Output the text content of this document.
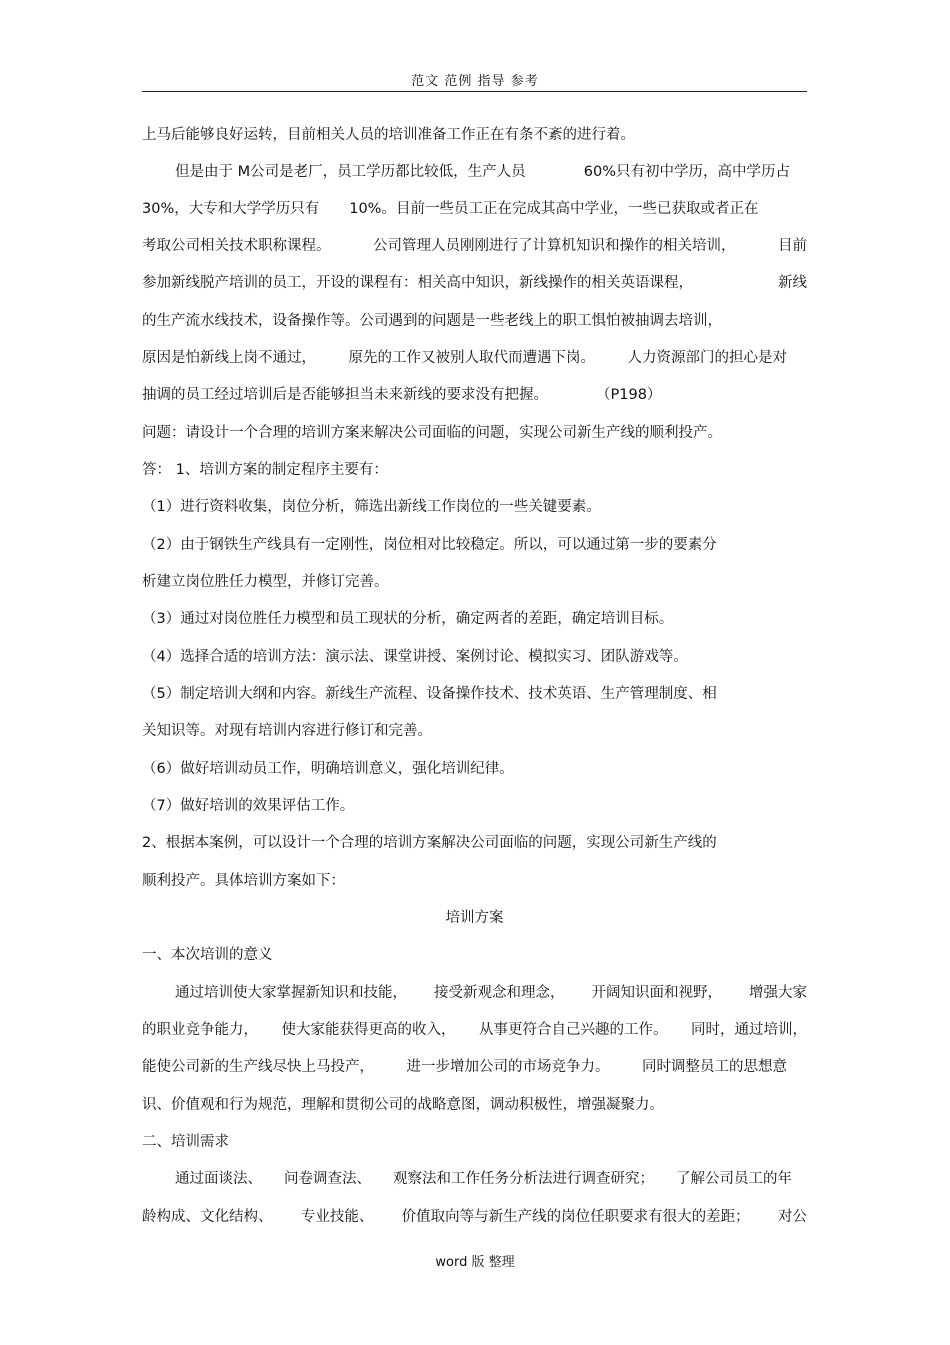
范文 范例 指导 参考
上马后能够良好运转，目前相关人员的培训准备工作正在有条不紊的进行着。
但是由于 M公司是老厂，员工学历都比较低，生产人员	60%只有初中学历，高中学历占
30%，大专和大学学历只有 10%。目前一些员工正在完成其高中学业，一些已获取或者正在
考取公司相关技术职称课程。	公司管理人员刚刚进行了计算机知识和操作的相关培训，	目前
参加新线脱产培训的员工，开设的课程有：相关高中知识，新线操作的相关英语课程，	新线
的生产流水线技术，设备操作等。公司遇到的问题是一些老线上的职工惧怕被抽调去培训，
原因是怕新线上岗不通过， 原先的工作又被别人取代而遭遇下岗。 人力资源部门的担心是对
抽调的员工经过培训后是否能够担当未来新线的要求没有把握。	（P198）
问题：请设计一个合理的培训方案来解决公司面临的问题，实现公司新生产线的顺利投产。
答： 1、培训方案的制定程序主要有：
（1）进行资料收集，岗位分析，筛选出新线工作岗位的一些关键要素。
（2）由于钢铁生产线具有一定刚性，岗位相对比较稳定。所以，可以通过第一步的要素分
析建立岗位胜任力模型，并修订完善。
（3）通过对岗位胜任力模型和员工现状的分析，确定两者的差距，确定培训目标。
（4）选择合适的培训方法：演示法、课堂讲授、案例讨论、模拟实习、团队游戏等。
（5）制定培训大纲和内容。新线生产流程、设备操作技术、技术英语、生产管理制度、相
关知识等。对现有培训内容进行修订和完善。
（6）做好培训动员工作，明确培训意义，强化培训纪律。
（7）做好培训的效果评估工作。
2、根据本案例，可以设计一个合理的培训方案解决公司面临的问题，实现公司新生产线的
顺利投产。具体培训方案如下：
培训方案
一、本次培训的意义
通过培训使大家掌握新知识和技能， 接受新观念和理念， 开阔知识面和视野， 增强大家
的职业竞争能力， 使大家能获得更高的收入， 从事更符合自己兴趣的工作。 同时，通过培训，
能使公司新的生产线尽快上马投产， 进一步增加公司的市场竞争力。 同时调整员工的思想意
识、价值观和行为规范，理解和贯彻公司的战略意图，调动积极性，增强凝聚力。
二、培训需求
通过面谈法、 问卷调查法、 观察法和工作任务分析法进行调查研究； 了解公司员工的年
龄构成、文化结构、 专业技能、 价值取向等与新生产线的岗位任职要求有很大的差距； 对公
word 版 整理
